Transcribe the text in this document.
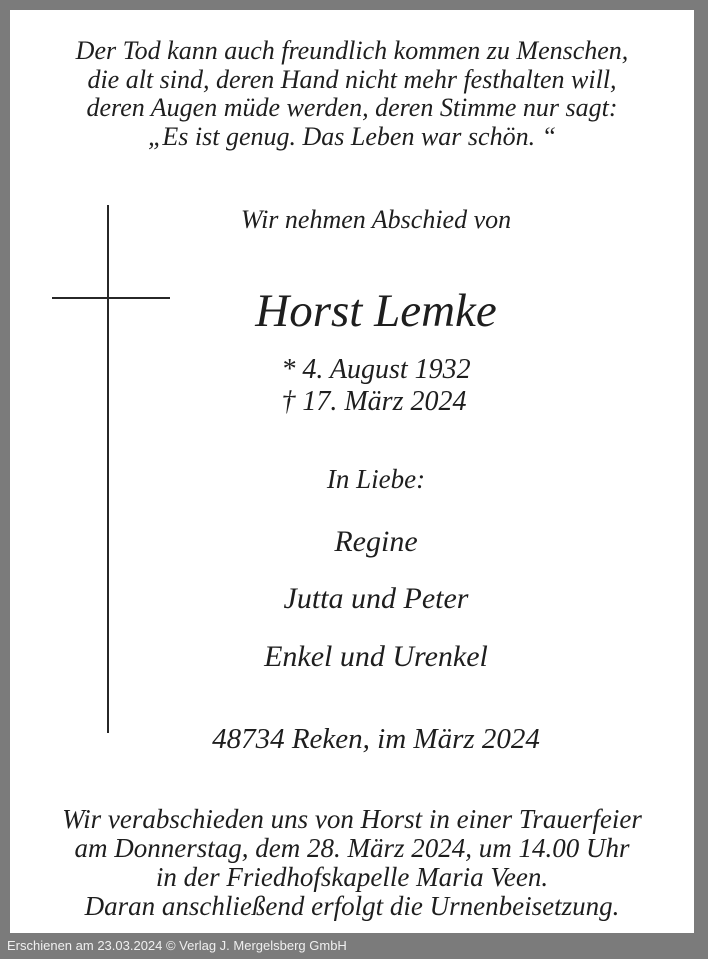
Der Tod kann auch freundlich kommen zu Menschen,
die alt sind, deren Hand nicht mehr festhalten will,
deren Augen müde werden, deren Stimme nur sagt:
„Es ist genug. Das Leben war schön. “
Wir nehmen Abschied von
Horst Lemke
* 4. August 1932
† 17. März 2024
In Liebe:
Regine
Jutta und Peter
Enkel und Urenkel
48734 Reken, im März 2024
Wir verabschieden uns von Horst in einer Trauerfeier
am Donnerstag, dem 28. März 2024, um 14.00 Uhr
in der Friedhofskapelle Maria Veen.
Daran anschließend erfolgt die Urnenbeisetzung.
Erschienen am 23.03.2024 © Verlag J. Mergelsberg GmbH
